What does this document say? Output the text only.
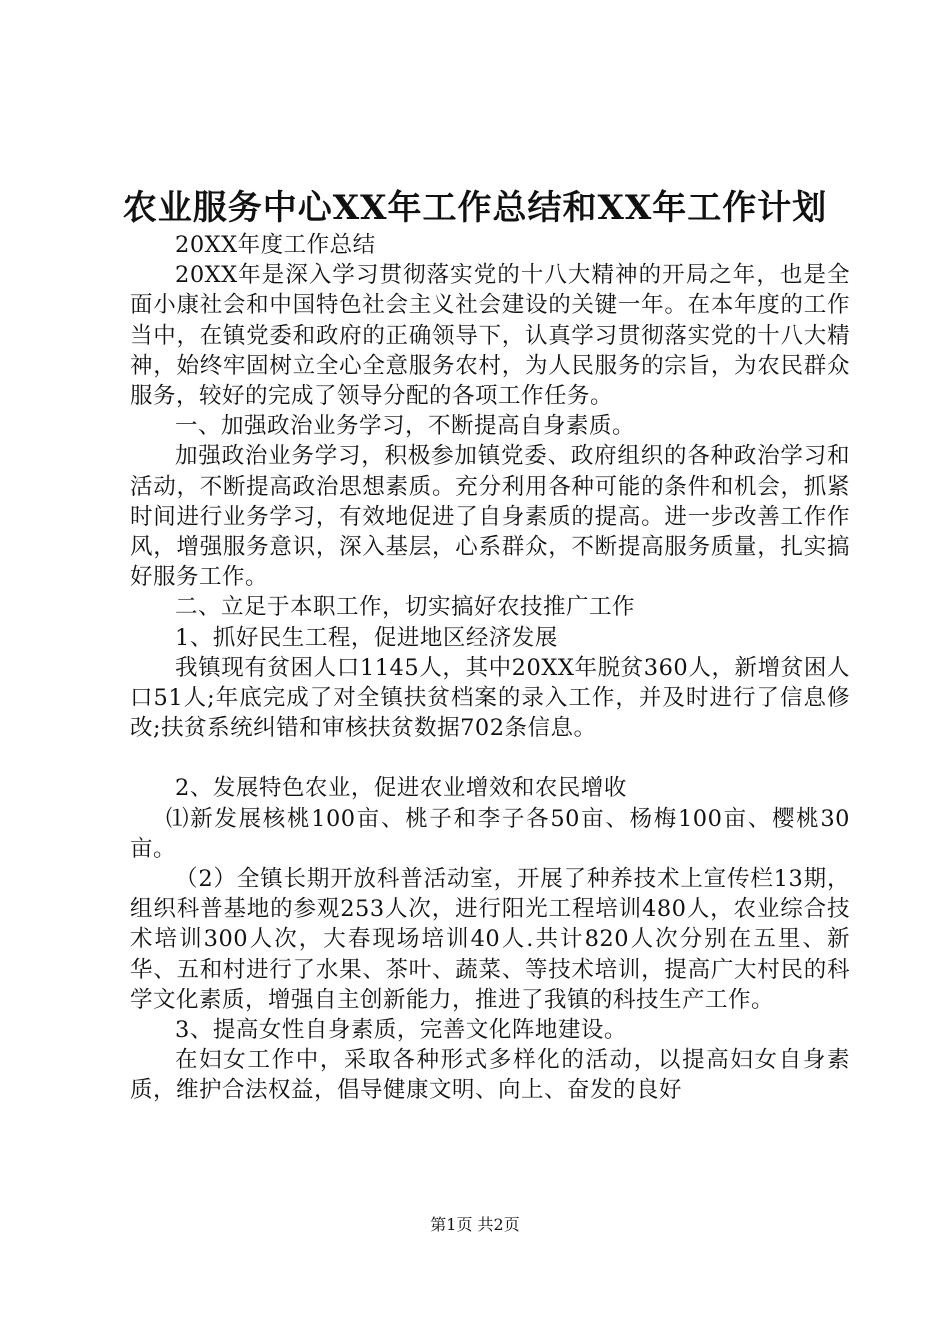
农业服务中心XX年工作总结和XX年工作计划

20XX年度工作总结

20XX年是深入学习贯彻落实党的十八大精神的开局之年，也是全面小康社会和中国特色社会主义社会建设的关键一年。在本年度的工作当中，在镇党委和政府的正确领导下，认真学习贯彻落实党的十八大精神，始终牢固树立全心全意服务农村，为人民服务的宗旨，为农民群众服务，较好的完成了领导分配的各项工作任务。

一、加强政治业务学习，不断提高自身素质。

加强政治业务学习，积极参加镇党委、政府组织的各种政治学习和活动，不断提高政治思想素质。充分利用各种可能的条件和机会，抓紧时间进行业务学习，有效地促进了自身素质的提高。进一步改善工作作风，增强服务意识，深入基层，心系群众，不断提高服务质量，扎实搞好服务工作。

二、立足于本职工作，切实搞好农技推广工作

1、抓好民生工程，促进地区经济发展

我镇现有贫困人口1145人，其中20XX年脱贫360人，新增贫困人口51人;年底完成了对全镇扶贫档案的录入工作，并及时进行了信息修改;扶贫系统纠错和审核扶贫数据702条信息。

2、发展特色农业，促进农业增效和农民增收

⑴新发展核桃100亩、桃子和李子各50亩、杨梅100亩、樱桃30亩。

（2）全镇长期开放科普活动室，开展了种养技术上宣传栏13期，组织科普基地的参观253人次，进行阳光工程培训480人，农业综合技术培训300人次，大春现场培训40人.共计820人次分别在五里、新华、五和村进行了水果、茶叶、蔬菜、等技术培训，提高广大村民的科学文化素质，增强自主创新能力，推进了我镇的科技生产工作。

3、提高女性自身素质，完善文化阵地建设。

在妇女工作中，采取各种形式多样化的活动，以提高妇女自身素质，维护合法权益，倡导健康文明、向上、奋发的良好

第1页 共2页
